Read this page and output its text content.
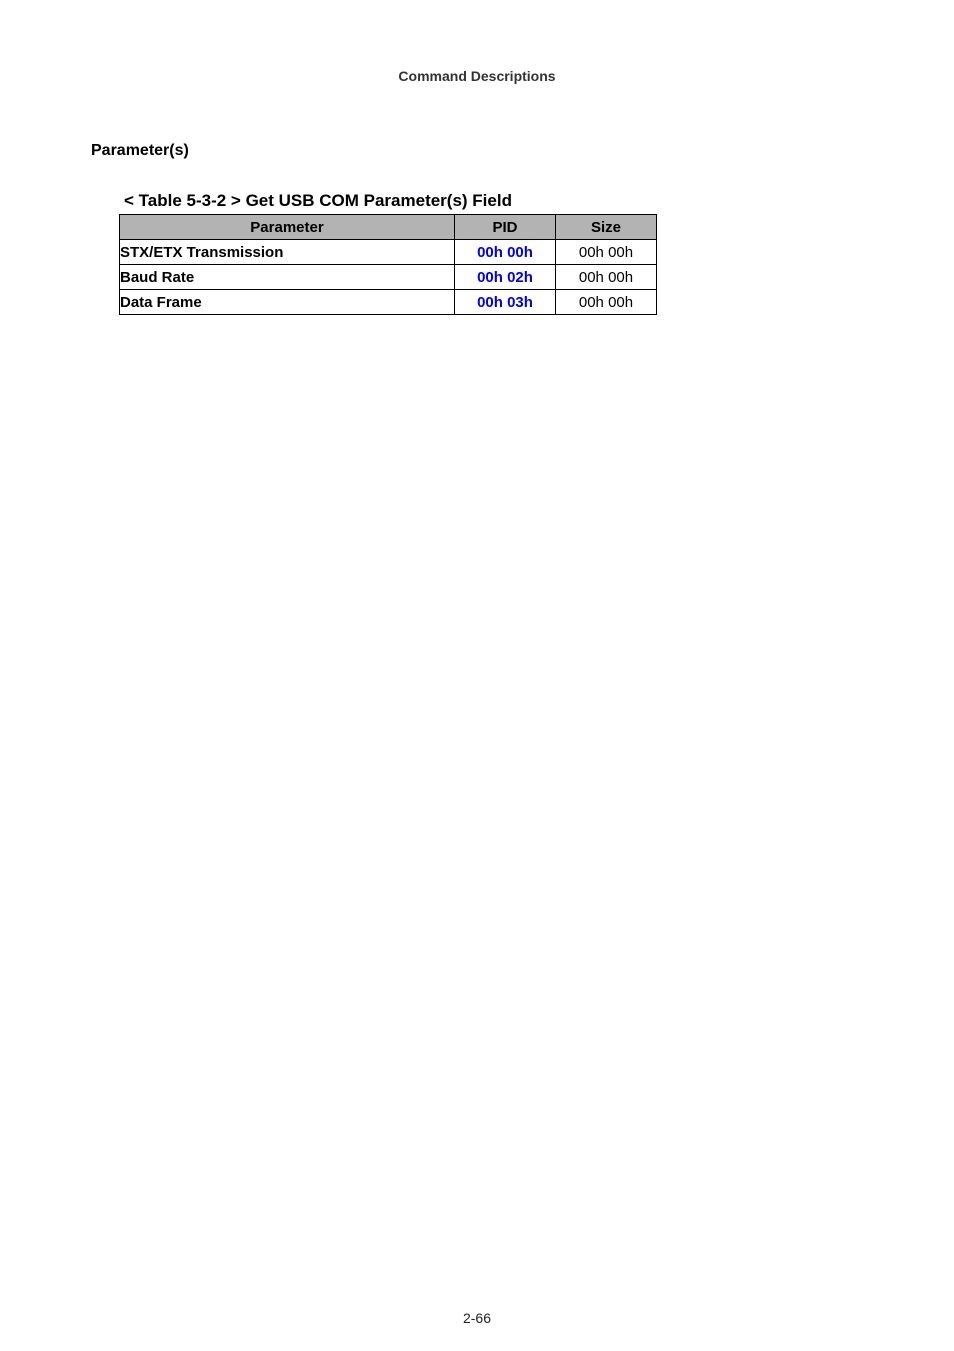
Command Descriptions
Parameter(s)
< Table 5-3-2 > Get USB COM Parameter(s) Field
Parameter	PID	Size
STX/ETX Transmission	00h 00h	00h 00h
Baud Rate	00h 02h	00h 00h
Data Frame	00h 03h	00h 00h
2-66
